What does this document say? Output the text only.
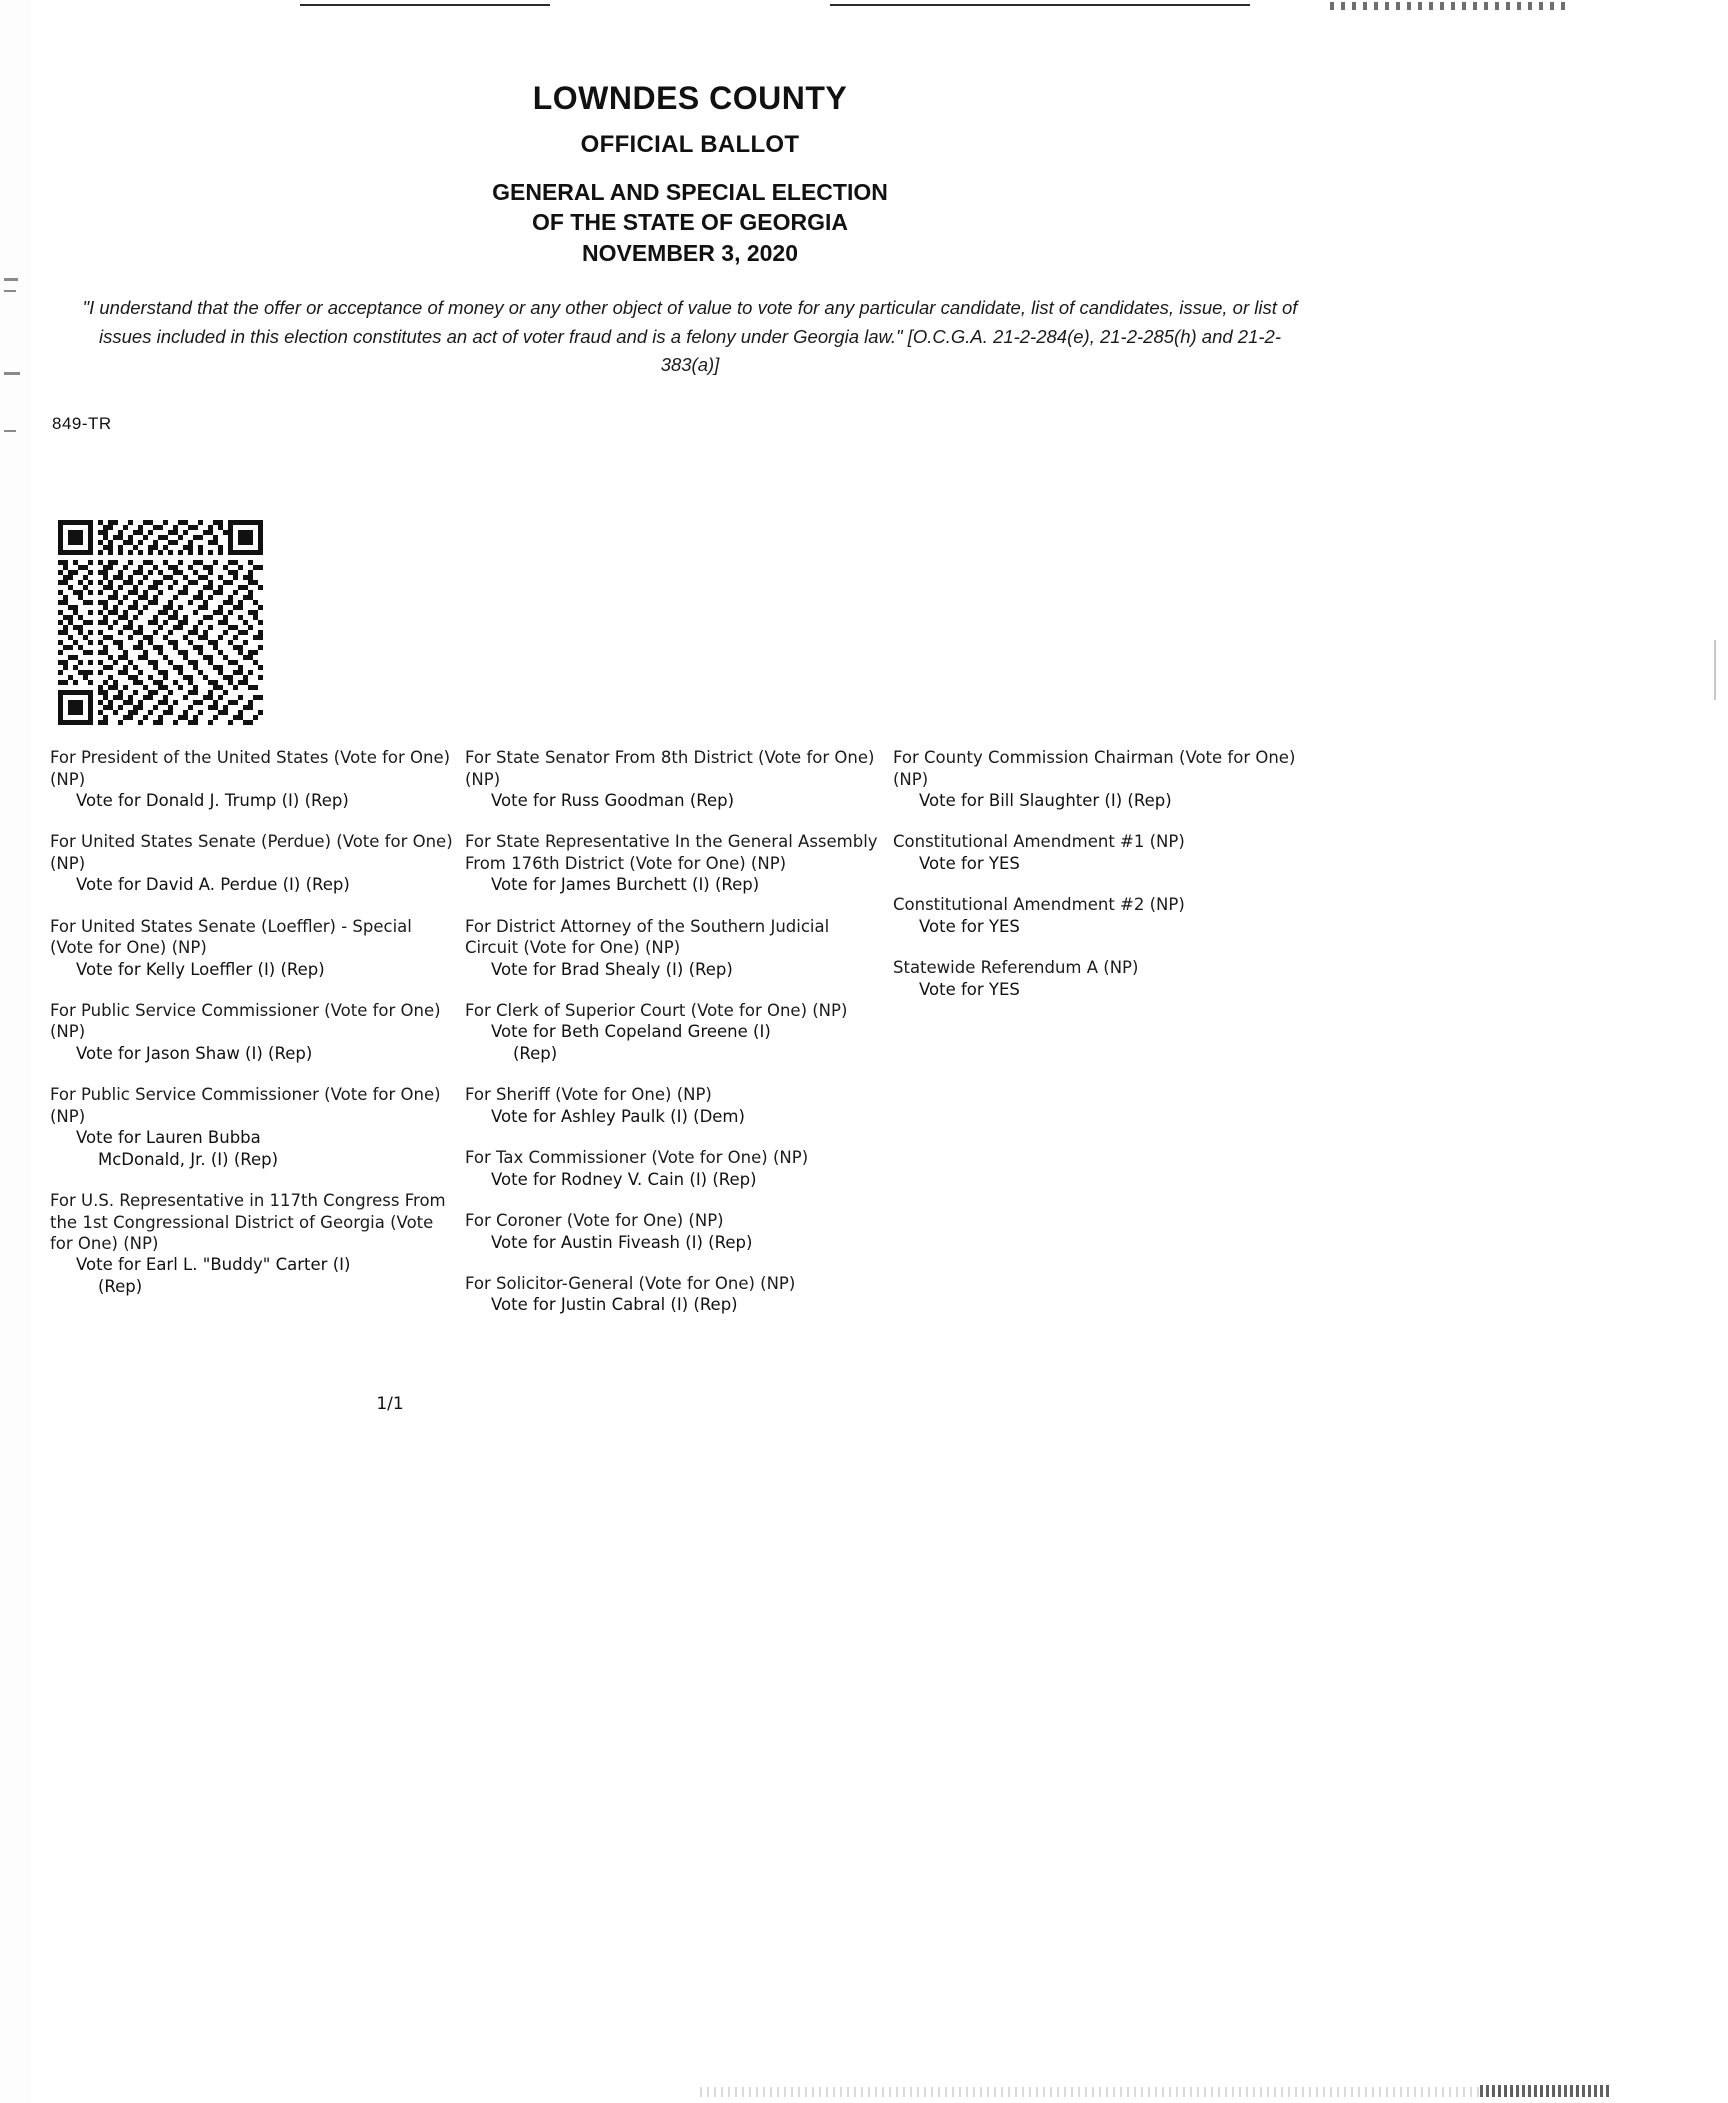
LOWNDES COUNTY
OFFICIAL BALLOT
GENERAL AND SPECIAL ELECTION
OF THE STATE OF GEORGIA
NOVEMBER 3, 2020
"I understand that the offer or acceptance of money or any other object of value to vote for any particular candidate, list of candidates, issue, or list of issues included in this election constitutes an act of voter fraud and is a felony under Georgia law." [O.C.G.A. 21-2-284(e), 21-2-285(h) and 21-2-383(a)]
849-TR

For President of the United States (Vote for One) (NP)

Vote for Donald J. Trump (I) (Rep)

For United States Senate (Perdue) (Vote for One) (NP)

Vote for David A. Perdue (I) (Rep)

For United States Senate (Loeffler) - Special (Vote for One) (NP)

Vote for Kelly Loeffler (I) (Rep)

For Public Service Commissioner (Vote for One) (NP)

Vote for Jason Shaw (I) (Rep)

For Public Service Commissioner (Vote for One) (NP)

Vote for Lauren Bubba

McDonald, Jr. (I) (Rep)

For U.S. Representative in 117th Congress From the 1st Congressional District of Georgia (Vote for One) (NP)

Vote for Earl L. "Buddy" Carter (I)

(Rep)

For State Senator From 8th District (Vote for One) (NP)

Vote for Russ Goodman (Rep)

For State Representative In the General Assembly From 176th District (Vote for One) (NP)

Vote for James Burchett (I) (Rep)

For District Attorney of the Southern Judicial Circuit (Vote for One) (NP)

Vote for Brad Shealy (I) (Rep)

For Clerk of Superior Court (Vote for One) (NP)

Vote for Beth Copeland Greene (I)

(Rep)

For Sheriff (Vote for One) (NP)

Vote for Ashley Paulk (I) (Dem)

For Tax Commissioner (Vote for One) (NP)

Vote for Rodney V. Cain (I) (Rep)

For Coroner (Vote for One) (NP)

Vote for Austin Fiveash (I) (Rep)

For Solicitor-General (Vote for One) (NP)

Vote for Justin Cabral (I) (Rep)

For County Commission Chairman (Vote for One) (NP)

Vote for Bill Slaughter (I) (Rep)

Constitutional Amendment #1 (NP)

Vote for YES

Constitutional Amendment #2 (NP)

Vote for YES

Statewide Referendum A (NP)

Vote for YES

1/1
